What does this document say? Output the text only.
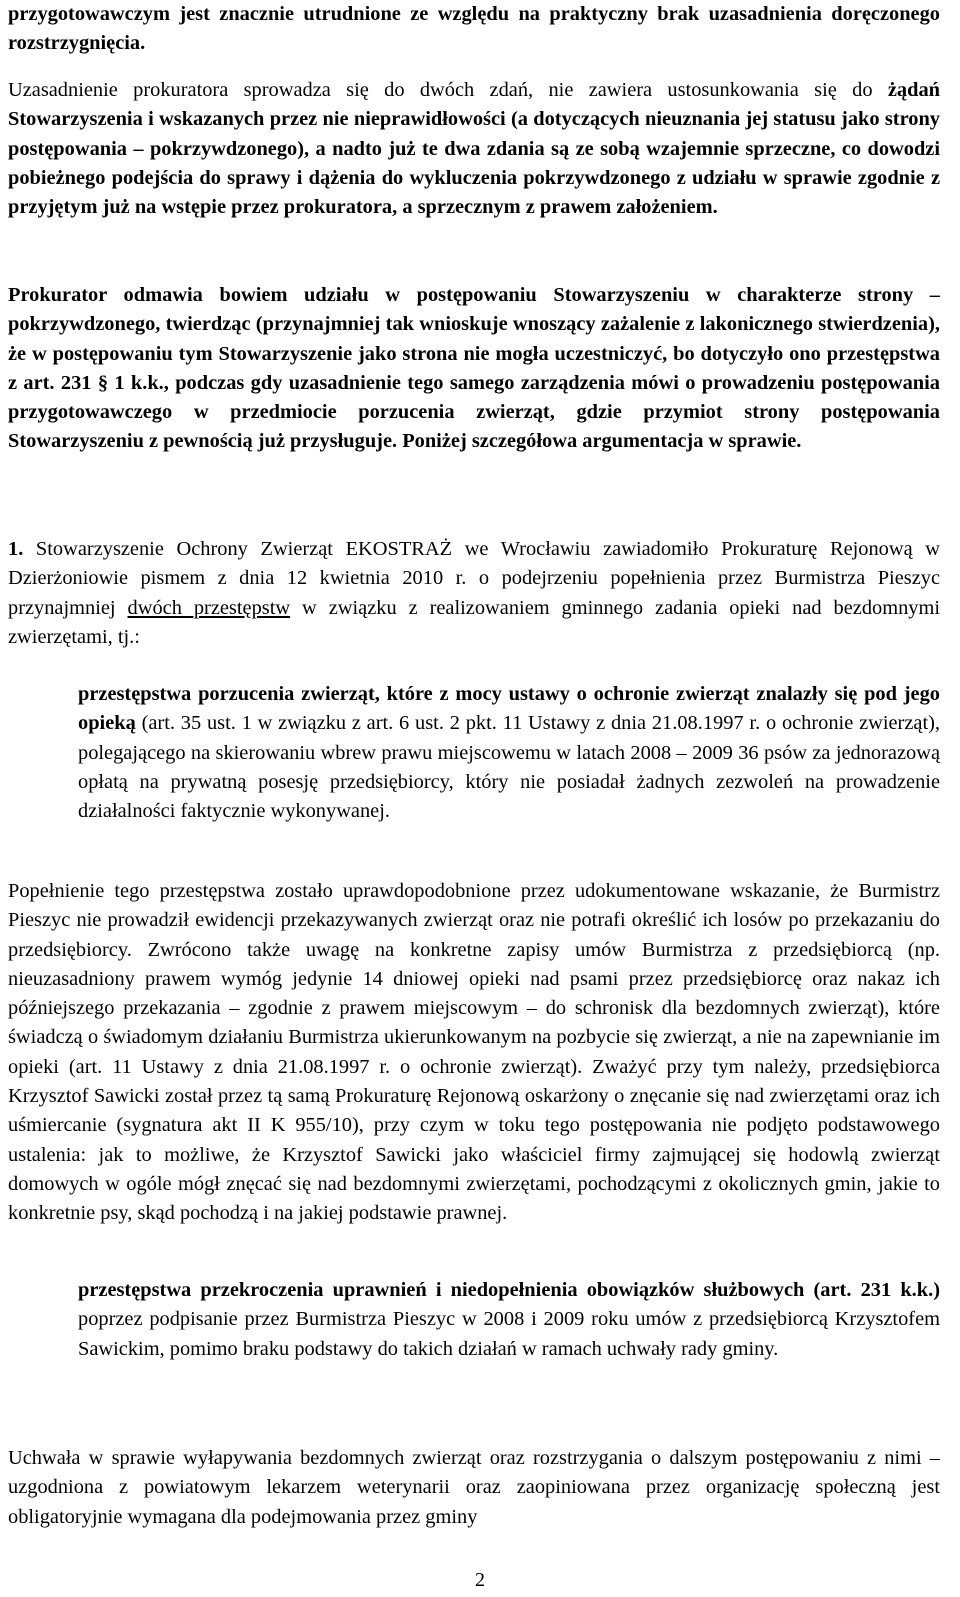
przygotowawczym jest znacznie utrudnione ze względu na praktyczny brak uzasadnienia doręczonego rozstrzygnięcia.

Uzasadnienie prokuratora sprowadza się do dwóch zdań, nie zawiera ustosunkowania się do żądań Stowarzyszenia i wskazanych przez nie nieprawidłowości (a dotyczących nieuznania jej statusu jako strony postępowania – pokrzywdzonego), a nadto już te dwa zdania są ze sobą wzajemnie sprzeczne, co dowodzi pobieżnego podejścia do sprawy i dążenia do wykluczenia pokrzywdzonego z udziału w sprawie zgodnie z przyjętym już na wstępie przez prokuratora, a sprzecznym z prawem założeniem.

Prokurator odmawia bowiem udziału w postępowaniu Stowarzyszeniu w charakterze strony – pokrzywdzonego, twierdząc (przynajmniej tak wnioskuje wnoszący zażalenie z lakonicznego stwierdzenia), że w postępowaniu tym Stowarzyszenie jako strona nie mogła uczestniczyć, bo dotyczyło ono przestępstwa z art. 231 § 1 k.k., podczas gdy uzasadnienie tego samego zarządzenia mówi o prowadzeniu postępowania przygotowawczego w przedmiocie porzucenia zwierząt, gdzie przymiot strony postępowania Stowarzyszeniu z pewnością już przysługuje. Poniżej szczegółowa argumentacja w sprawie.

1. Stowarzyszenie Ochrony Zwierząt EKOSTRAŻ we Wrocławiu zawiadomiło Prokuraturę Rejonową w Dzierżoniowie pismem z dnia 12 kwietnia 2010 r. o podejrzeniu popełnienia przez Burmistrza Pieszyc przynajmniej dwóch przestępstw w związku z realizowaniem gminnego zadania opieki nad bezdomnymi zwierzętami, tj.:

przestępstwa porzucenia zwierząt, które z mocy ustawy o ochronie zwierząt znalazły się pod jego opieką (art. 35 ust. 1 w związku z art. 6 ust. 2 pkt. 11 Ustawy z dnia 21.08.1997 r. o ochronie zwierząt), polegającego na skierowaniu wbrew prawu miejscowemu w latach 2008 – 2009 36 psów za jednorazową opłatą na prywatną posesję przedsiębiorcy, który nie posiadał żadnych zezwoleń na prowadzenie działalności faktycznie wykonywanej.

Popełnienie tego przestępstwa zostało uprawdopodobnione przez udokumentowane wskazanie, że Burmistrz Pieszyc nie prowadził ewidencji przekazywanych zwierząt oraz nie potrafi określić ich losów po przekazaniu do przedsiębiorcy. Zwrócono także uwagę na konkretne zapisy umów Burmistrza z przedsiębiorcą (np. nieuzasadniony prawem wymóg jedynie 14 dniowej opieki nad psami przez przedsiębiorcę oraz nakaz ich późniejszego przekazania – zgodnie z prawem miejscowym – do schronisk dla bezdomnych zwierząt), które świadczą o świadomym działaniu Burmistrza ukierunkowanym na pozbycie się zwierząt, a nie na zapewnianie im opieki (art. 11 Ustawy z dnia 21.08.1997 r. o ochronie zwierząt). Zważyć przy tym należy, przedsiębiorca Krzysztof Sawicki został przez tą samą Prokuraturę Rejonową oskarżony o znęcanie się nad zwierzętami oraz ich uśmiercanie (sygnatura akt II K 955/10), przy czym w toku tego postępowania nie podjęto podstawowego ustalenia: jak to możliwe, że Krzysztof Sawicki jako właściciel firmy zajmującej się hodowlą zwierząt domowych w ogóle mógł znęcać się nad bezdomnymi zwierzętami, pochodzącymi z okolicznych gmin, jakie to konkretnie psy, skąd pochodzą i na jakiej podstawie prawnej.

przestępstwa przekroczenia uprawnień i niedopełnienia obowiązków służbowych (art. 231 k.k.) poprzez podpisanie przez Burmistrza Pieszyc w 2008 i 2009 roku umów z przedsiębiorcą Krzysztofem Sawickim, pomimo braku podstawy do takich działań w ramach uchwały rady gminy.

Uchwała w sprawie wyłapywania bezdomnych zwierząt oraz rozstrzygania o dalszym postępowaniu z nimi – uzgodniona z powiatowym lekarzem weterynarii oraz zaopiniowana przez organizację społeczną jest obligatoryjnie wymagana dla podejmowania przez gminy

2
